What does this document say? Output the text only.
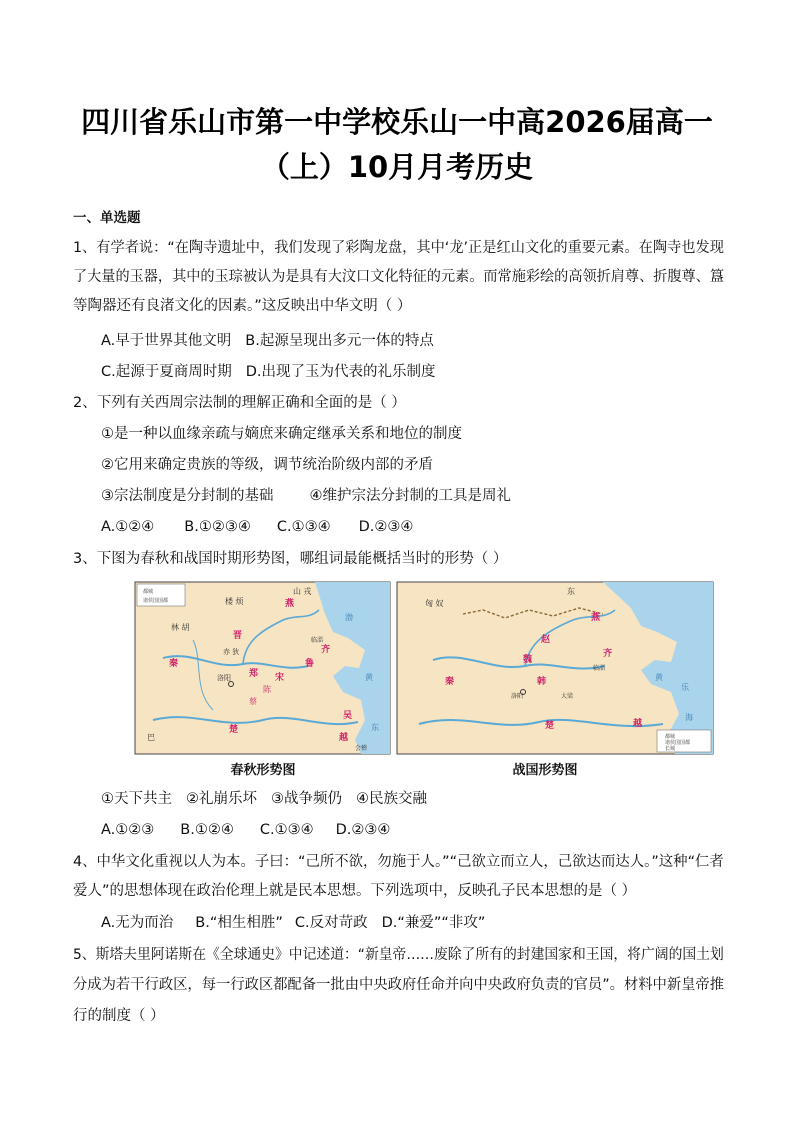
四川省乐山市第一中学校乐山一中高2026届高一
（上）10月月考历史
一、单选题
1、有学者说：“在陶寺遗址中，我们发现了彩陶龙盘，其中‘龙’正是红山文化的重要元素。在陶寺也发现
了大量的玉器，其中的玉琮被认为是具有大汶口文化特征的元素。而常施彩绘的高领折肩尊、折腹尊、簋
等陶器还有良渚文化的因素。”这反映出中华文明（ ）
A.早于世界其他文明 B.起源呈现出多元一体的特点
C.起源于夏商周时期 D.出现了玉为代表的礼乐制度
2、下列有关西周宗法制的理解正确和全面的是（ ）
①是一种以血缘亲疏与嫡庶来确定继承关系和地位的制度
②它用来确定贵族的等级，调节统治阶级内部的矛盾
③宗法制度是分封制的基础 ④维护宗法分封制的工具是周礼
A.①②④ B.①②③④ C.①③④ D.②③④
3、下图为春秋和战国时期形势图，哪组词最能概括当时的形势（ ）
都城
诸侯国国都
山 戎
林 胡
楼 烦	燕
晋
齐
秦
洛阳	宋
鲁
郑
陈
蔡
楚
吴
越
会稽
巴
临淄
赤 狄
渤
黄
东
都城
诸侯国国都
长城
东
匈 奴
燕
赵
魏
齐
韩
秦
楚	越
乐
洛阳	大梁
临淄
黄
海
春秋形势图	战国形势图
①天下共主 ②礼崩乐坏 ③战争频仍 ④民族交融
A.①②③ B.①②④ C.①③④ D.②③④
4、中华文化重视以人为本。子曰：“己所不欲，勿施于人。”“己欲立而立人，己欲达而达人。”这种“仁者
爱人”的思想体现在政治伦理上就是民本思想。下列选项中，反映孔子民本思想的是（ ）
A.无为而治 B.“相生相胜” C.反对苛政 D.“兼爱”“非攻”
5、斯塔夫里阿诺斯在《全球通史》中记述道：“新皇帝……废除了所有的封建国家和王国，将广阔的国土划
分成为若干行政区，每一行政区都配备一批由中央政府任命并向中央政府负责的官员”。材料中新皇帝推
行的制度（ ）
